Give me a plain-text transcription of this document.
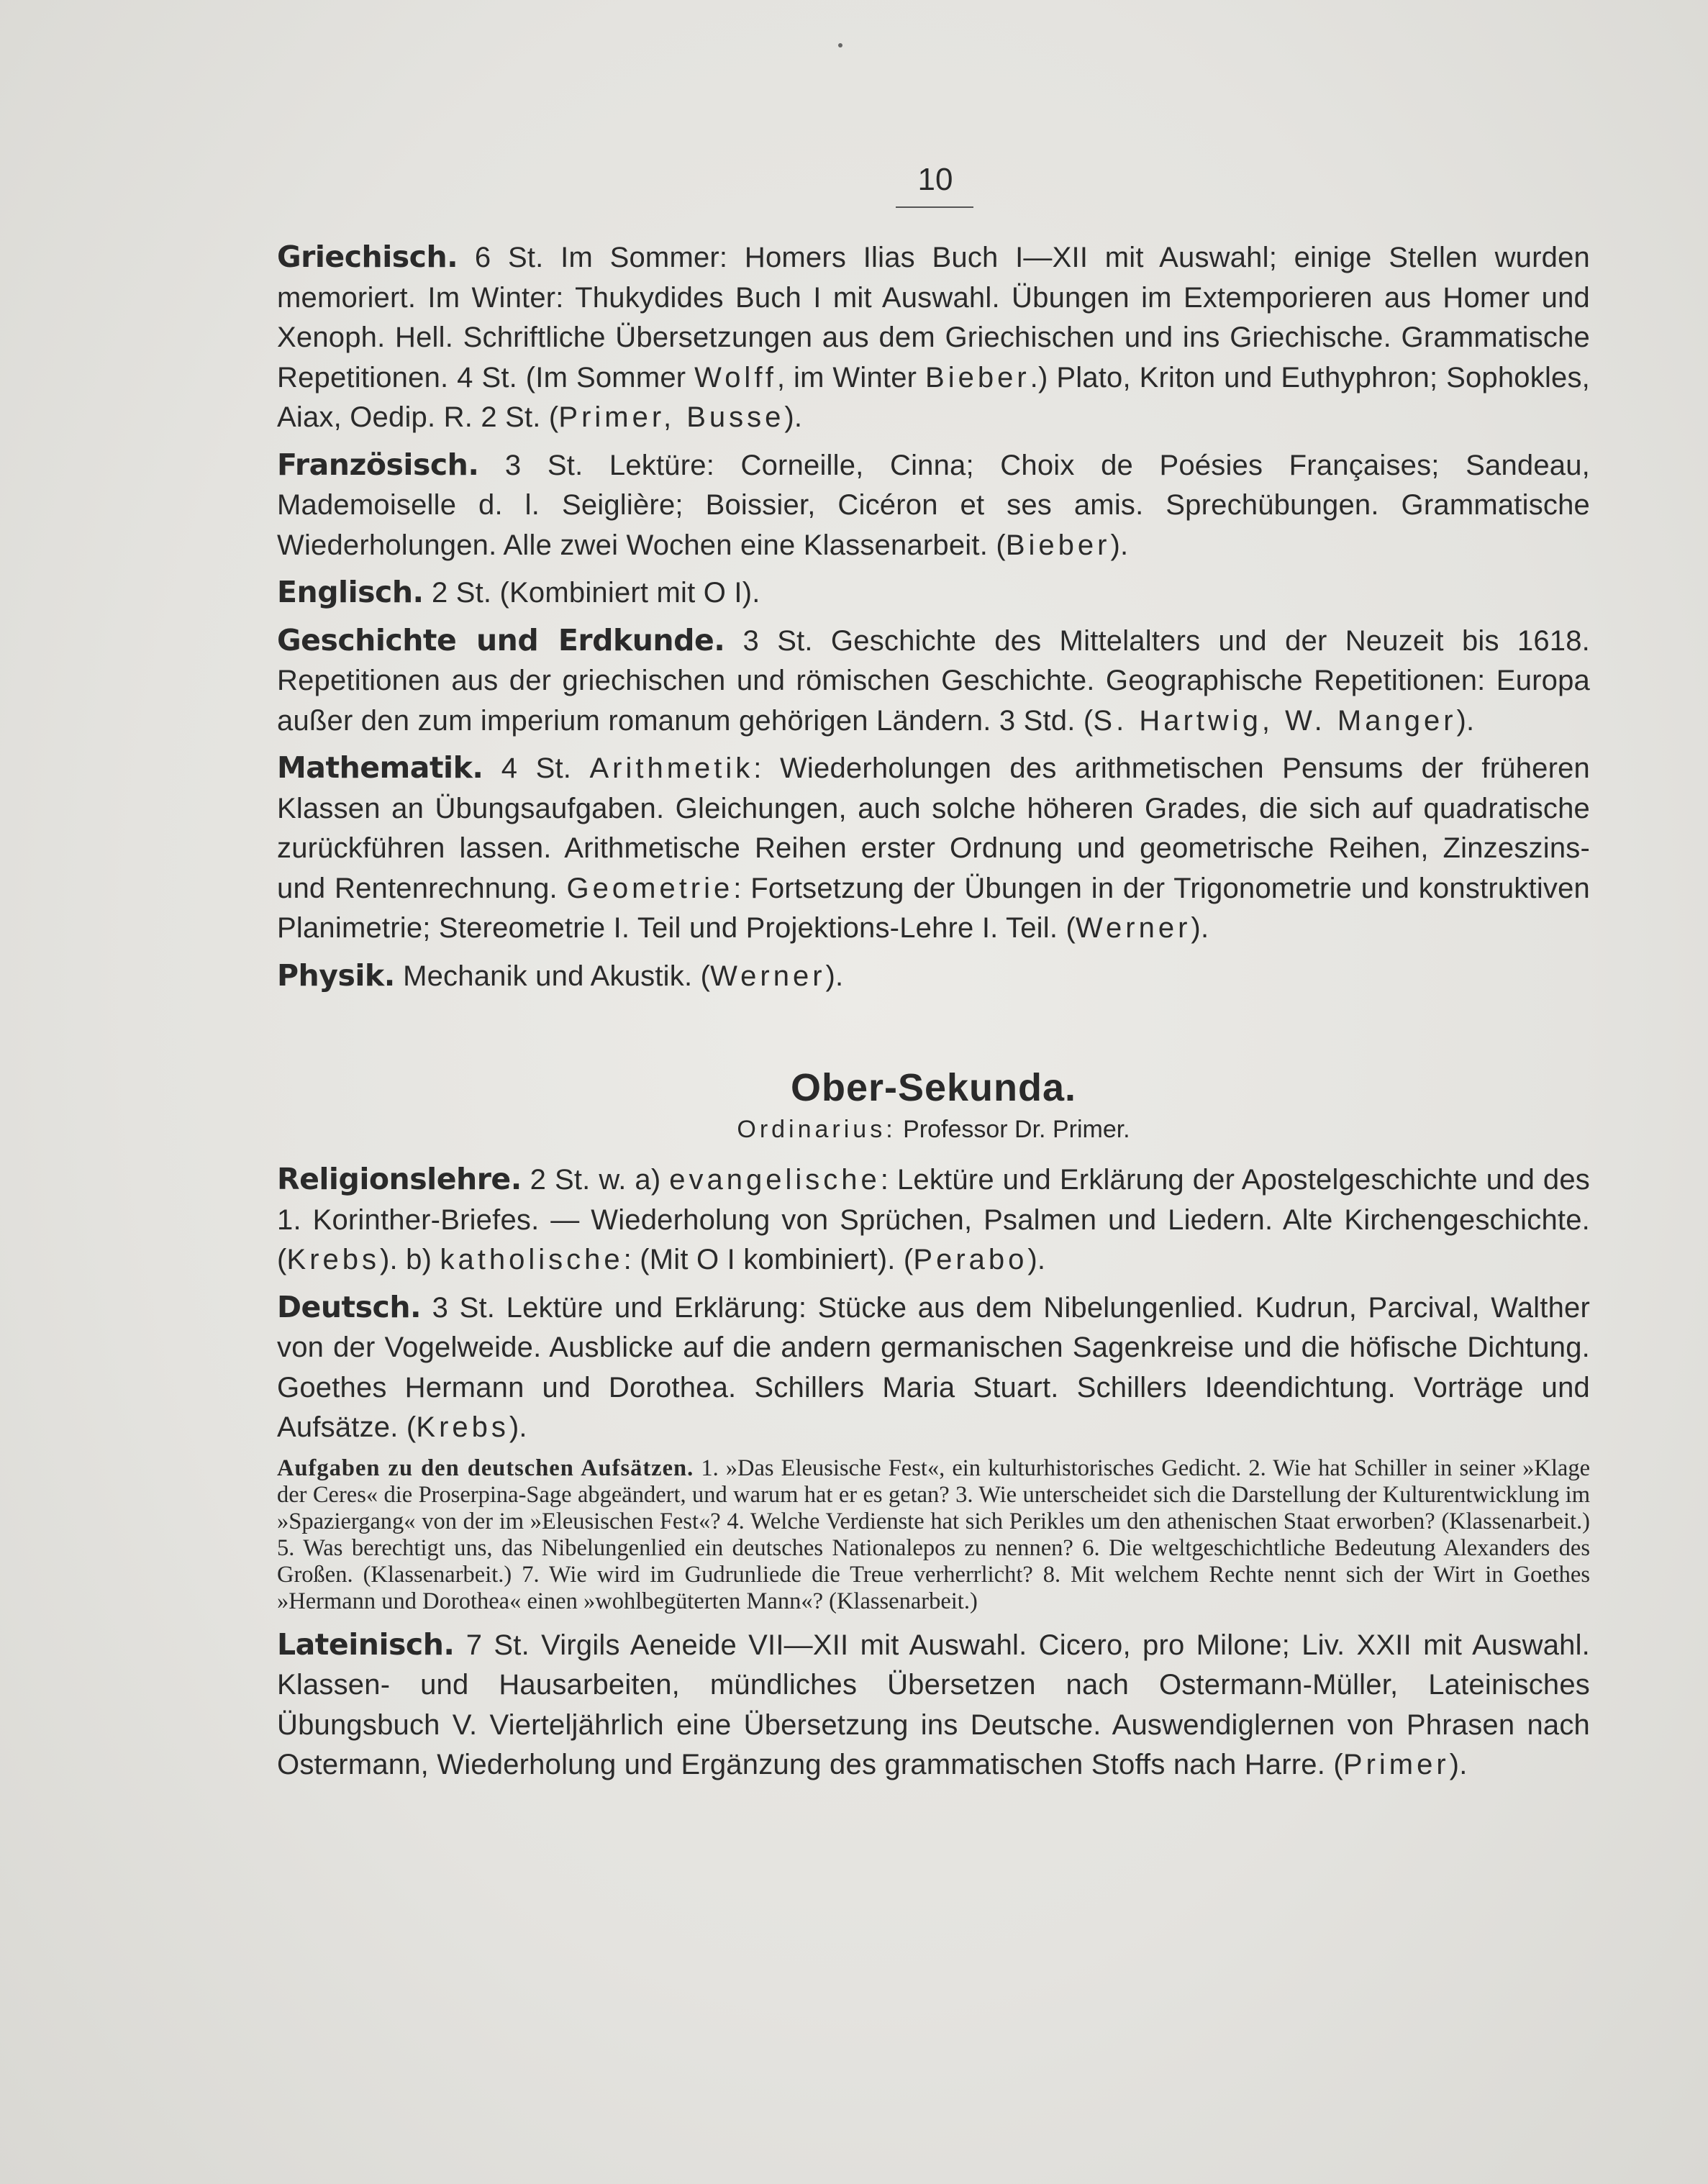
10

Griechisch. 6 St. Im Sommer: Homers Ilias Buch I—XII mit Auswahl; einige Stellen wurden memoriert. Im Winter: Thukydides Buch I mit Auswahl. Übungen im Extemporieren aus Homer und Xenoph. Hell. Schriftliche Übersetzungen aus dem Griechischen und ins Griechische. Grammatische Repetitionen. 4 St. (Im Sommer Wolff, im Winter Bieber.) Plato, Kriton und Euthyphron; Sophokles, Aiax, Oedip. R. 2 St. (Primer, Busse).

Französisch. 3 St. Lektüre: Corneille, Cinna; Choix de Poésies Françaises; Sandeau, Mademoiselle d. l. Seiglière; Boissier, Cicéron et ses amis. Sprechübungen. Grammatische Wiederholungen. Alle zwei Wochen eine Klassenarbeit. (Bieber).

Englisch. 2 St. (Kombiniert mit O I).

Geschichte und Erdkunde. 3 St. Geschichte des Mittelalters und der Neuzeit bis 1618. Repetitionen aus der griechischen und römischen Geschichte. Geographische Repetitionen: Europa außer den zum imperium romanum gehörigen Ländern. 3 Std. (S. Hartwig, W. Manger).

Mathematik. 4 St. Arithmetik: Wiederholungen des arithmetischen Pensums der früheren Klassen an Übungsaufgaben. Gleichungen, auch solche höheren Grades, die sich auf quadratische zurückführen lassen. Arithmetische Reihen erster Ordnung und geometrische Reihen, Zinzeszins- und Rentenrechnung. Geometrie: Fortsetzung der Übungen in der Trigonometrie und konstruktiven Planimetrie; Stereometrie I. Teil und Projektions-Lehre I. Teil. (Werner).

Physik. Mechanik und Akustik. (Werner).

Ober-Sekunda.
Ordinarius: Professor Dr. Primer.

Religionslehre. 2 St. w. a) evangelische: Lektüre und Erklärung der Apostelgeschichte und des 1. Korinther-Briefes. — Wiederholung von Sprüchen, Psalmen und Liedern. Alte Kirchengeschichte. (Krebs). b) katholische: (Mit O I kombiniert). (Perabo).

Deutsch. 3 St. Lektüre und Erklärung: Stücke aus dem Nibelungenlied. Kudrun, Parcival, Walther von der Vogelweide. Ausblicke auf die andern germanischen Sagenkreise und die höfische Dichtung. Goethes Hermann und Dorothea. Schillers Maria Stuart. Schillers Ideendichtung. Vorträge und Aufsätze. (Krebs).

Aufgaben zu den deutschen Aufsätzen. 1. »Das Eleusische Fest«, ein kulturhistorisches Gedicht. 2. Wie hat Schiller in seiner »Klage der Ceres« die Proserpina-Sage abgeändert, und warum hat er es getan? 3. Wie unterscheidet sich die Darstellung der Kulturentwicklung im »Spaziergang« von der im »Eleusischen Fest«? 4. Welche Verdienste hat sich Perikles um den athenischen Staat erworben? (Klassenarbeit.) 5. Was berechtigt uns, das Nibelungenlied ein deutsches Nationalepos zu nennen? 6. Die weltgeschichtliche Bedeutung Alexanders des Großen. (Klassenarbeit.) 7. Wie wird im Gudrunliede die Treue verherrlicht? 8. Mit welchem Rechte nennt sich der Wirt in Goethes »Hermann und Dorothea« einen »wohlbegüterten Mann«? (Klassenarbeit.)

Lateinisch. 7 St. Virgils Aeneide VII—XII mit Auswahl. Cicero, pro Milone; Liv. XXII mit Auswahl. Klassen- und Hausarbeiten, mündliches Übersetzen nach Ostermann-Müller, Lateinisches Übungsbuch V. Vierteljährlich eine Übersetzung ins Deutsche. Auswendiglernen von Phrasen nach Ostermann, Wiederholung und Ergänzung des grammatischen Stoffs nach Harre. (Primer).
